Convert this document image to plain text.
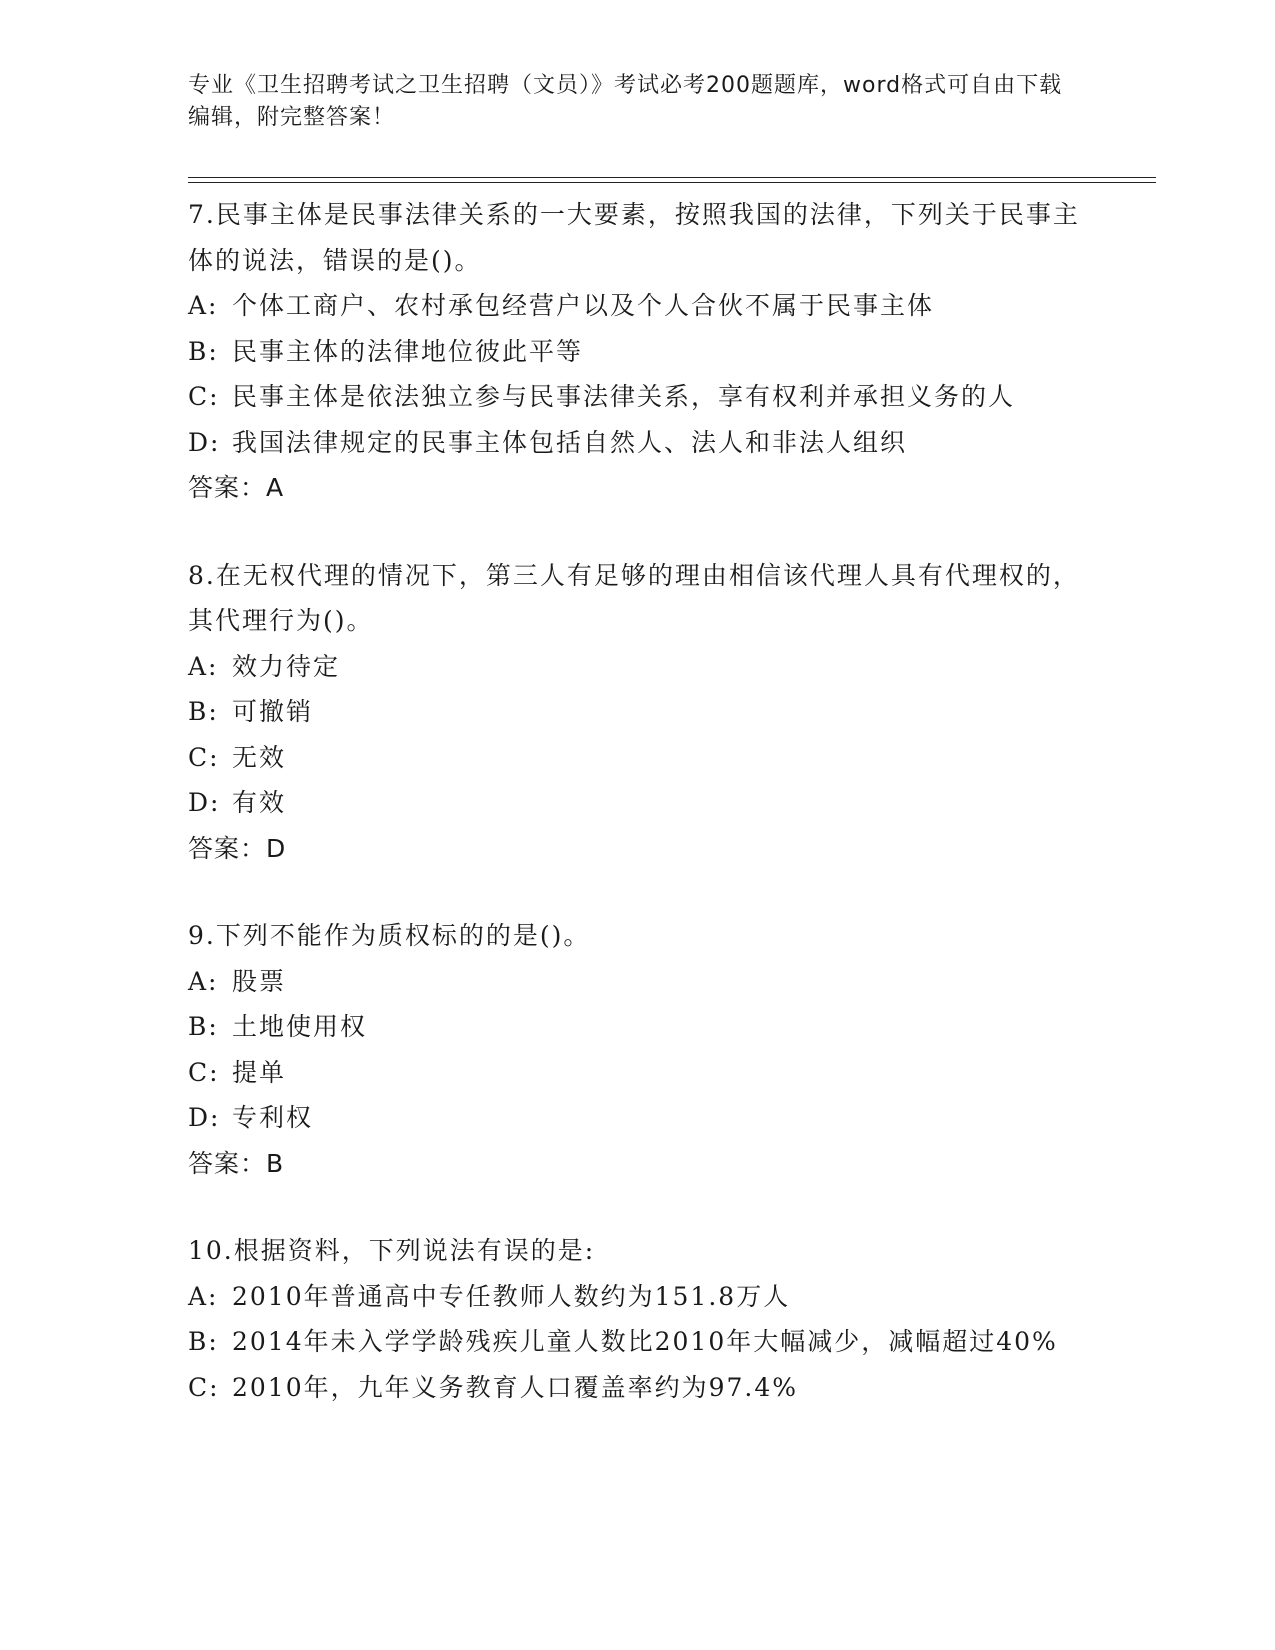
专业《卫生招聘考试之卫生招聘（文员）》考试必考200题题库，word格式可自由下载编辑，附完整答案！

7.民事主体是民事法律关系的一大要素，按照我国的法律，下列关于民事主体的说法，错误的是()。

A: 个体工商户、农村承包经营户以及个人合伙不属于民事主体

B: 民事主体的法律地位彼此平等

C: 民事主体是依法独立参与民事法律关系，享有权利并承担义务的人

D: 我国法律规定的民事主体包括自然人、法人和非法人组织

答案：A

8.在无权代理的情况下，第三人有足够的理由相信该代理人具有代理权的，其代理行为()。

A: 效力待定

B: 可撤销

C: 无效

D: 有效

答案：D

9.下列不能作为质权标的的是()。

A: 股票

B: 土地使用权

C: 提单

D: 专利权

答案：B

10.根据资料，下列说法有误的是:

A: 2010年普通高中专任教师人数约为151.8万人

B: 2014年未入学学龄残疾儿童人数比2010年大幅减少，减幅超过40%

C: 2010年，九年义务教育人口覆盖率约为97.4%
